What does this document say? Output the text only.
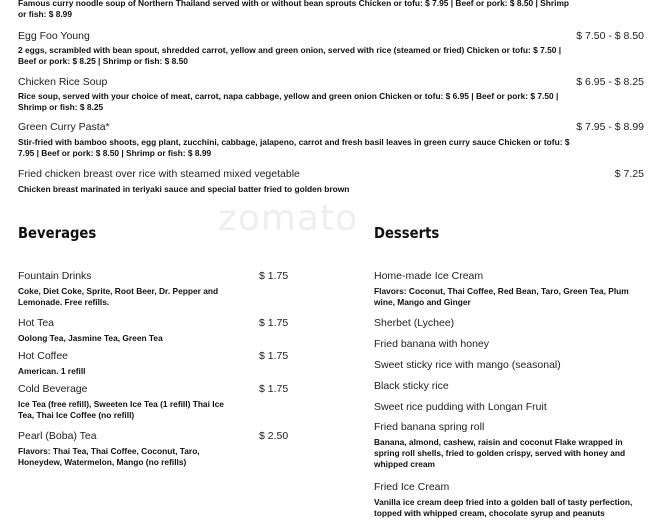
zomato
Famous curry noodle soup of Northern Thailand served with or without bean sprouts Chicken or tofu: $ 7.95 | Beef or pork: $ 8.50 | Shrimp or fish: $ 8.99
Egg Foo Young	$ 7.50 - $ 8.50
2 eggs, scrambled with bean spout, shredded carrot, yellow and green onion, served with rice (steamed or fried) Chicken or tofu: $ 7.50 | Beef or pork: $ 8.25 | Shrimp or fish: $ 8.50
Chicken Rice Soup	$ 6.95 - $ 8.25
Rice soup, served with your choice of meat, carrot, napa cabbage, yellow and green onion Chicken or tofu: $ 6.95 | Beef or pork: $ 7.50 | Shrimp or fish: $ 8.25
Green Curry Pasta*	$ 7.95 - $ 8.99
Stir-fried with bamboo shoots, egg plant, zucchini, cabbage, jalapeno, carrot and fresh basil leaves in green curry sauce Chicken or tofu: $ 7.95 | Beef or pork: $ 8.50 | Shrimp or fish: $ 8.99
Fried chicken breast over rice with steamed mixed vegetable	$ 7.25
Chicken breast marinated in teriyaki sauce and special batter fried to golden brown
Beverages
Fountain Drinks	$ 1.75
Coke, Diet Coke, Sprite, Root Beer, Dr. Pepper and Lemonade. Free refills.
Hot Tea	$ 1.75
Oolong Tea, Jasmine Tea, Green Tea
Hot Coffee	$ 1.75
American. 1 refill
Cold Beverage	$ 1.75
Ice Tea (free refill), Sweeten Ice Tea (1 refill) Thai Ice Tea, Thai Ice Coffee (no refill)
Pearl (Boba) Tea	$ 2.50
Flavors: Thai Tea, Thai Coffee, Coconut, Taro, Honeydew, Watermelon, Mango (no refills)
Desserts
Home-made Ice Cream
Flavors: Coconut, Thai Coffee, Red Bean, Taro, Green Tea, Plum wine, Mango and Ginger
Sherbet (Lychee)
Fried banana with honey
Sweet sticky rice with mango (seasonal)
Black sticky rice
Sweet rice pudding with Longan Fruit
Fried banana spring roll
Banana, almond, cashew, raisin and coconut Flake wrapped in spring roll shells, fried to golden crispy, served with honey and whipped cream
Fried Ice Cream
Vanilla ice cream deep fried into a golden ball of tasty perfection, topped with whipped cream, chocolate syrup and peanuts
